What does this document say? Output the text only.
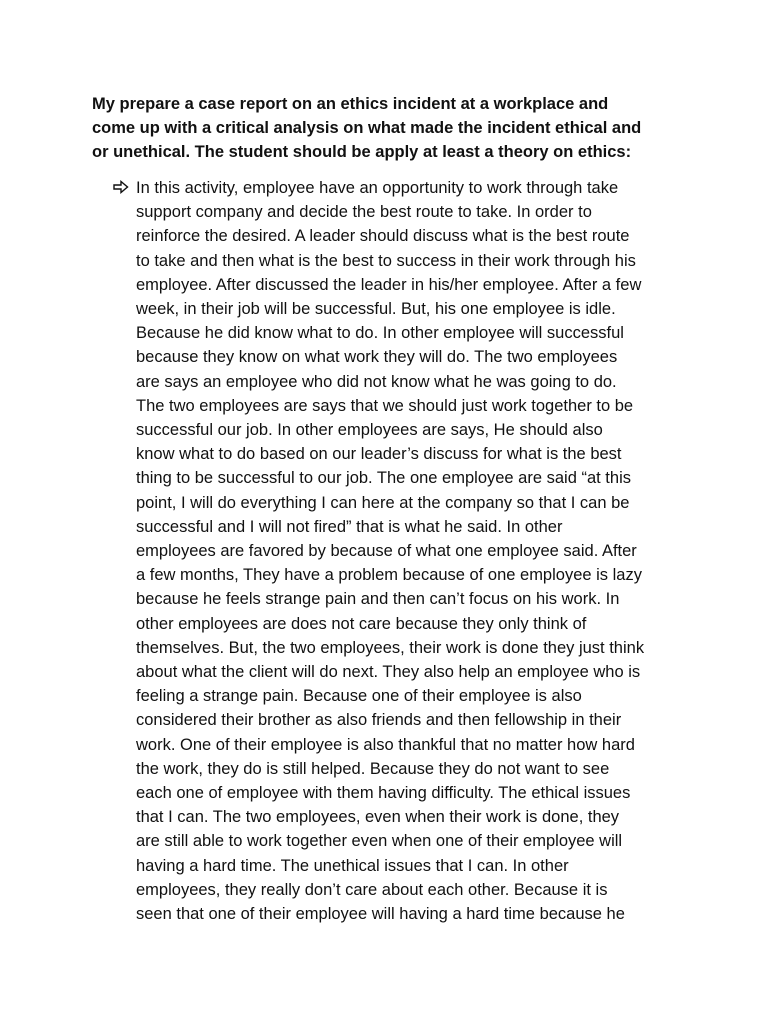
My prepare a case report on an ethics incident at a workplace and
come up with a critical analysis on what made the incident ethical and
or unethical. The student should be apply at least a theory on ethics:
In this activity, employee have an opportunity to work through take
support company and decide the best route to take. In order to
reinforce the desired. A leader should discuss what is the best route
to take and then what is the best to success in their work through his
employee. After discussed the leader in his/her employee. After a few
week, in their job will be successful. But, his one employee is idle.
Because he did know what to do. In other employee will successful
because they know on what work they will do. The two employees
are says an employee who did not know what he was going to do.
The two employees are says that we should just work together to be
successful our job. In other employees are says, He should also
know what to do based on our leader’s discuss for what is the best
thing to be successful to our job. The one employee are said “at this
point, I will do everything I can here at the company so that I can be
successful and I will not fired” that is what he said. In other
employees are favored by because of what one employee said. After
a few months, They have a problem because of one employee is lazy
because he feels strange pain and then can’t focus on his work. In
other employees are does not care because they only think of
themselves. But, the two employees, their work is done they just think
about what the client will do next. They also help an employee who is
feeling a strange pain. Because one of their employee is also
considered their brother as also friends and then fellowship in their
work. One of their employee is also thankful that no matter how hard
the work, they do is still helped. Because they do not want to see
each one of employee with them having difficulty. The ethical issues
that I can. The two employees, even when their work is done, they
are still able to work together even when one of their employee will
having a hard time. The unethical issues that I can. In other
employees, they really don’t care about each other. Because it is
seen that one of their employee will having a hard time because he
